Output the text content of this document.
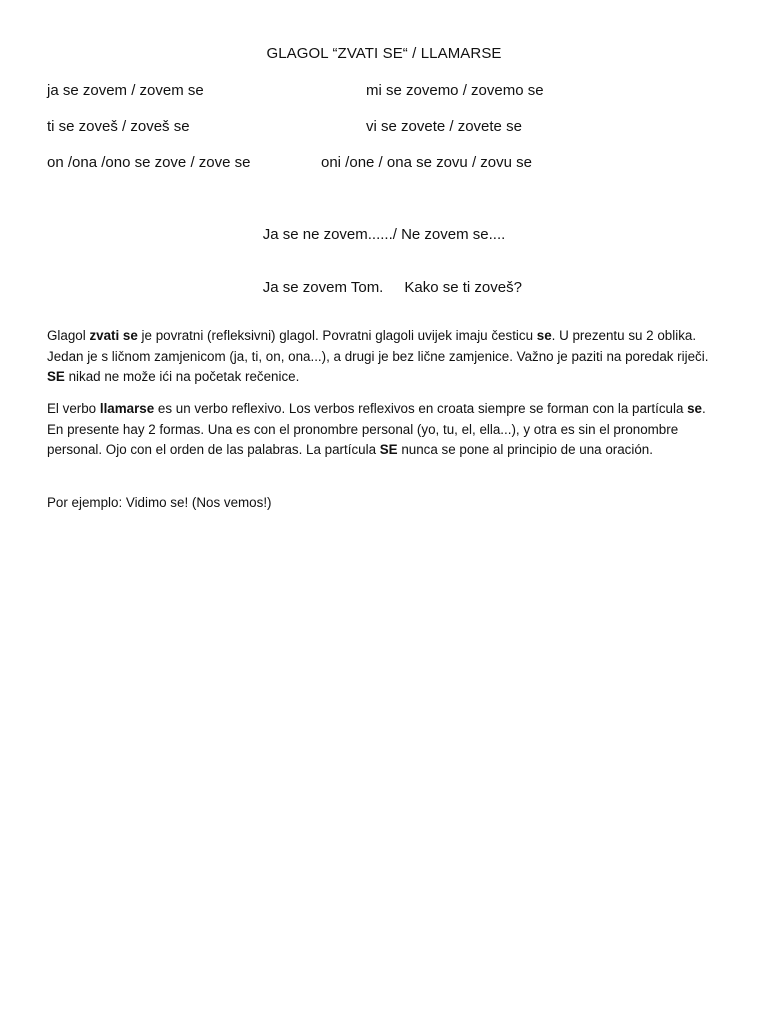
GLAGOL “ZVATI SE“ / LLAMARSE
ja se zovem / zovem se	mi se zovemo / zovemo se
ti se zoveš / zoveš se	vi se zovete / zovete se
on /ona /ono se zove / zove se	oni /one / ona se zovu / zovu se
Ja se ne zovem....../ Ne zovem se....

Ja se zovem Tom. Kako se ti zoveš?

Glagol zvati se je povratni (refleksivni) glagol. Povratni glagoli uvijek imaju česticu se. U prezentu su 2 oblika. Jedan je s ličnom zamjenicom (ja, ti, on, ona...), a drugi je bez lične zamjenice. Važno je paziti na poredak riječi. SE nikad ne može ići na početak rečenice.
El verbo llamarse es un verbo reflexivo. Los verbos reflexivos en croata siempre se forman con la partícula se. En presente hay 2 formas. Una es con el pronombre personal (yo, tu, el, ella...), y otra es sin el pronombre personal. Ojo con el orden de las palabras. La partícula SE nunca se pone al principio de una oración.
Por ejemplo: Vidimo se! (Nos vemos!)
